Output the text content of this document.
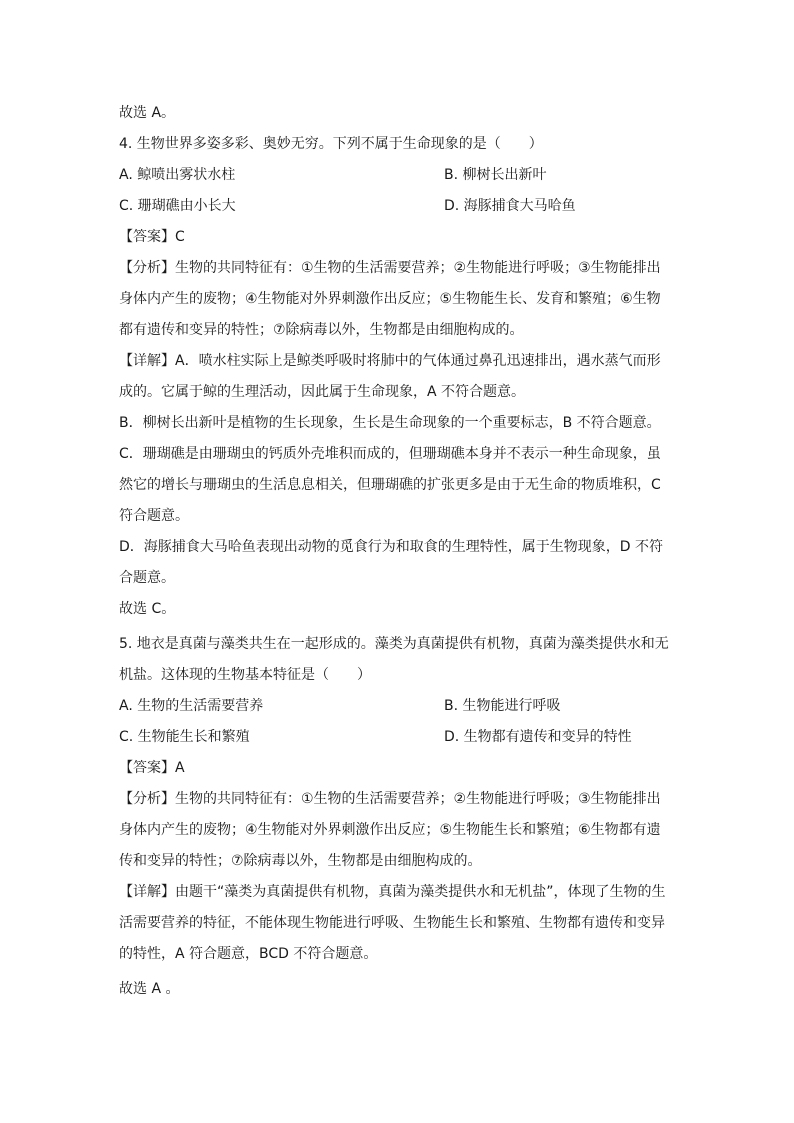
故选 A。
4. 生物世界多姿多彩、奥妙无穷。下列不属于生命现象的是（　　）
A. 鲸喷出雾状水柱	B. 柳树长出新叶
C. 珊瑚礁由小长大	D. 海豚捕食大马哈鱼
【答案】C
【分析】生物的共同特征有：①生物的生活需要营养；②生物能进行呼吸；③生物能排出
身体内产生的废物；④生物能对外界刺激作出反应；⑤生物能生长、发育和繁殖；⑥生物
都有遗传和变异的特性；⑦除病毒以外，生物都是由细胞构成的。
【详解】A．喷水柱实际上是鲸类呼吸时将肺中的气体通过鼻孔迅速排出，遇水蒸气而形
成的。它属于鲸的生理活动，因此属于生命现象，A 不符合题意。
B．柳树长出新叶是植物的生长现象，生长是生命现象的一个重要标志，B 不符合题意。
C．珊瑚礁是由珊瑚虫的钙质外壳堆积而成的，但珊瑚礁本身并不表示一种生命现象，虽
然它的增长与珊瑚虫的生活息息相关，但珊瑚礁的扩张更多是由于无生命的物质堆积，C
符合题意。
D．海豚捕食大马哈鱼表现出动物的觅食行为和取食的生理特性，属于生物现象，D 不符
合题意。
故选 C。
5. 地衣是真菌与藻类共生在一起形成的。藻类为真菌提供有机物，真菌为藻类提供水和无
机盐。这体现的生物基本特征是（　　）
A. 生物的生活需要营养	B. 生物能进行呼吸
C. 生物能生长和繁殖	D. 生物都有遗传和变异的特性
【答案】A
【分析】生物的共同特征有：①生物的生活需要营养；②生物能进行呼吸；③生物能排出
身体内产生的废物；④生物能对外界刺激作出反应；⑤生物能生长和繁殖；⑥生物都有遗
传和变异的特性；⑦除病毒以外，生物都是由细胞构成的。
【详解】由题干“藻类为真菌提供有机物，真菌为藻类提供水和无机盐”，体现了生物的生
活需要营养的特征，不能体现生物能进行呼吸、生物能生长和繁殖、生物都有遗传和变异
的特性，A 符合题意，BCD 不符合题意。
故选 A 。
